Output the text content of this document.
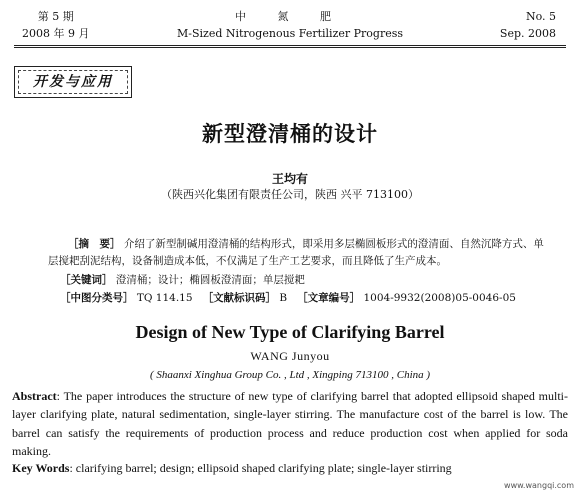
第 5 期
2008 年 9 月
中 氮 肥
M-Sized Nitrogenous Fertilizer Progress
No. 5
Sep. 2008
开发与应用
新型澄清桶的设计
王均有
（陕西兴化集团有限责任公司，陕西 兴平 713100）
［摘　要］ 介绍了新型制碱用澄清桶的结构形式，即采用多层椭圆板形式的澄清面、自然沉降方式、单层搅耙刮泥结构，设备制造成本低，不仅满足了生产工艺要求，而且降低了生产成本。
［关键词］ 澄清桶；设计；椭圆板澄清面；单层搅耙
［中图分类号］ TQ 114.15 ［文献标识码］ B ［文章编号］ 1004-9932(2008)05-0046-05
Design of New Type of Clarifying Barrel
WANG Junyou
( Shaanxi Xinghua Group Co. , Ltd , Xingping 713100 , China )
Abstract: The paper introduces the structure of new type of clarifying barrel that adopted ellipsoid shaped multi-layer clarifying plate, natural sedimentation, single-layer stirring. The manufacture cost of the barrel is low. The barrel can satisfy the requirements of production process and reduce production cost when applied for soda making.
Key Words: clarifying barrel; design; ellipsoid shaped clarifying plate; single-layer stirring
www.wangqi.com
